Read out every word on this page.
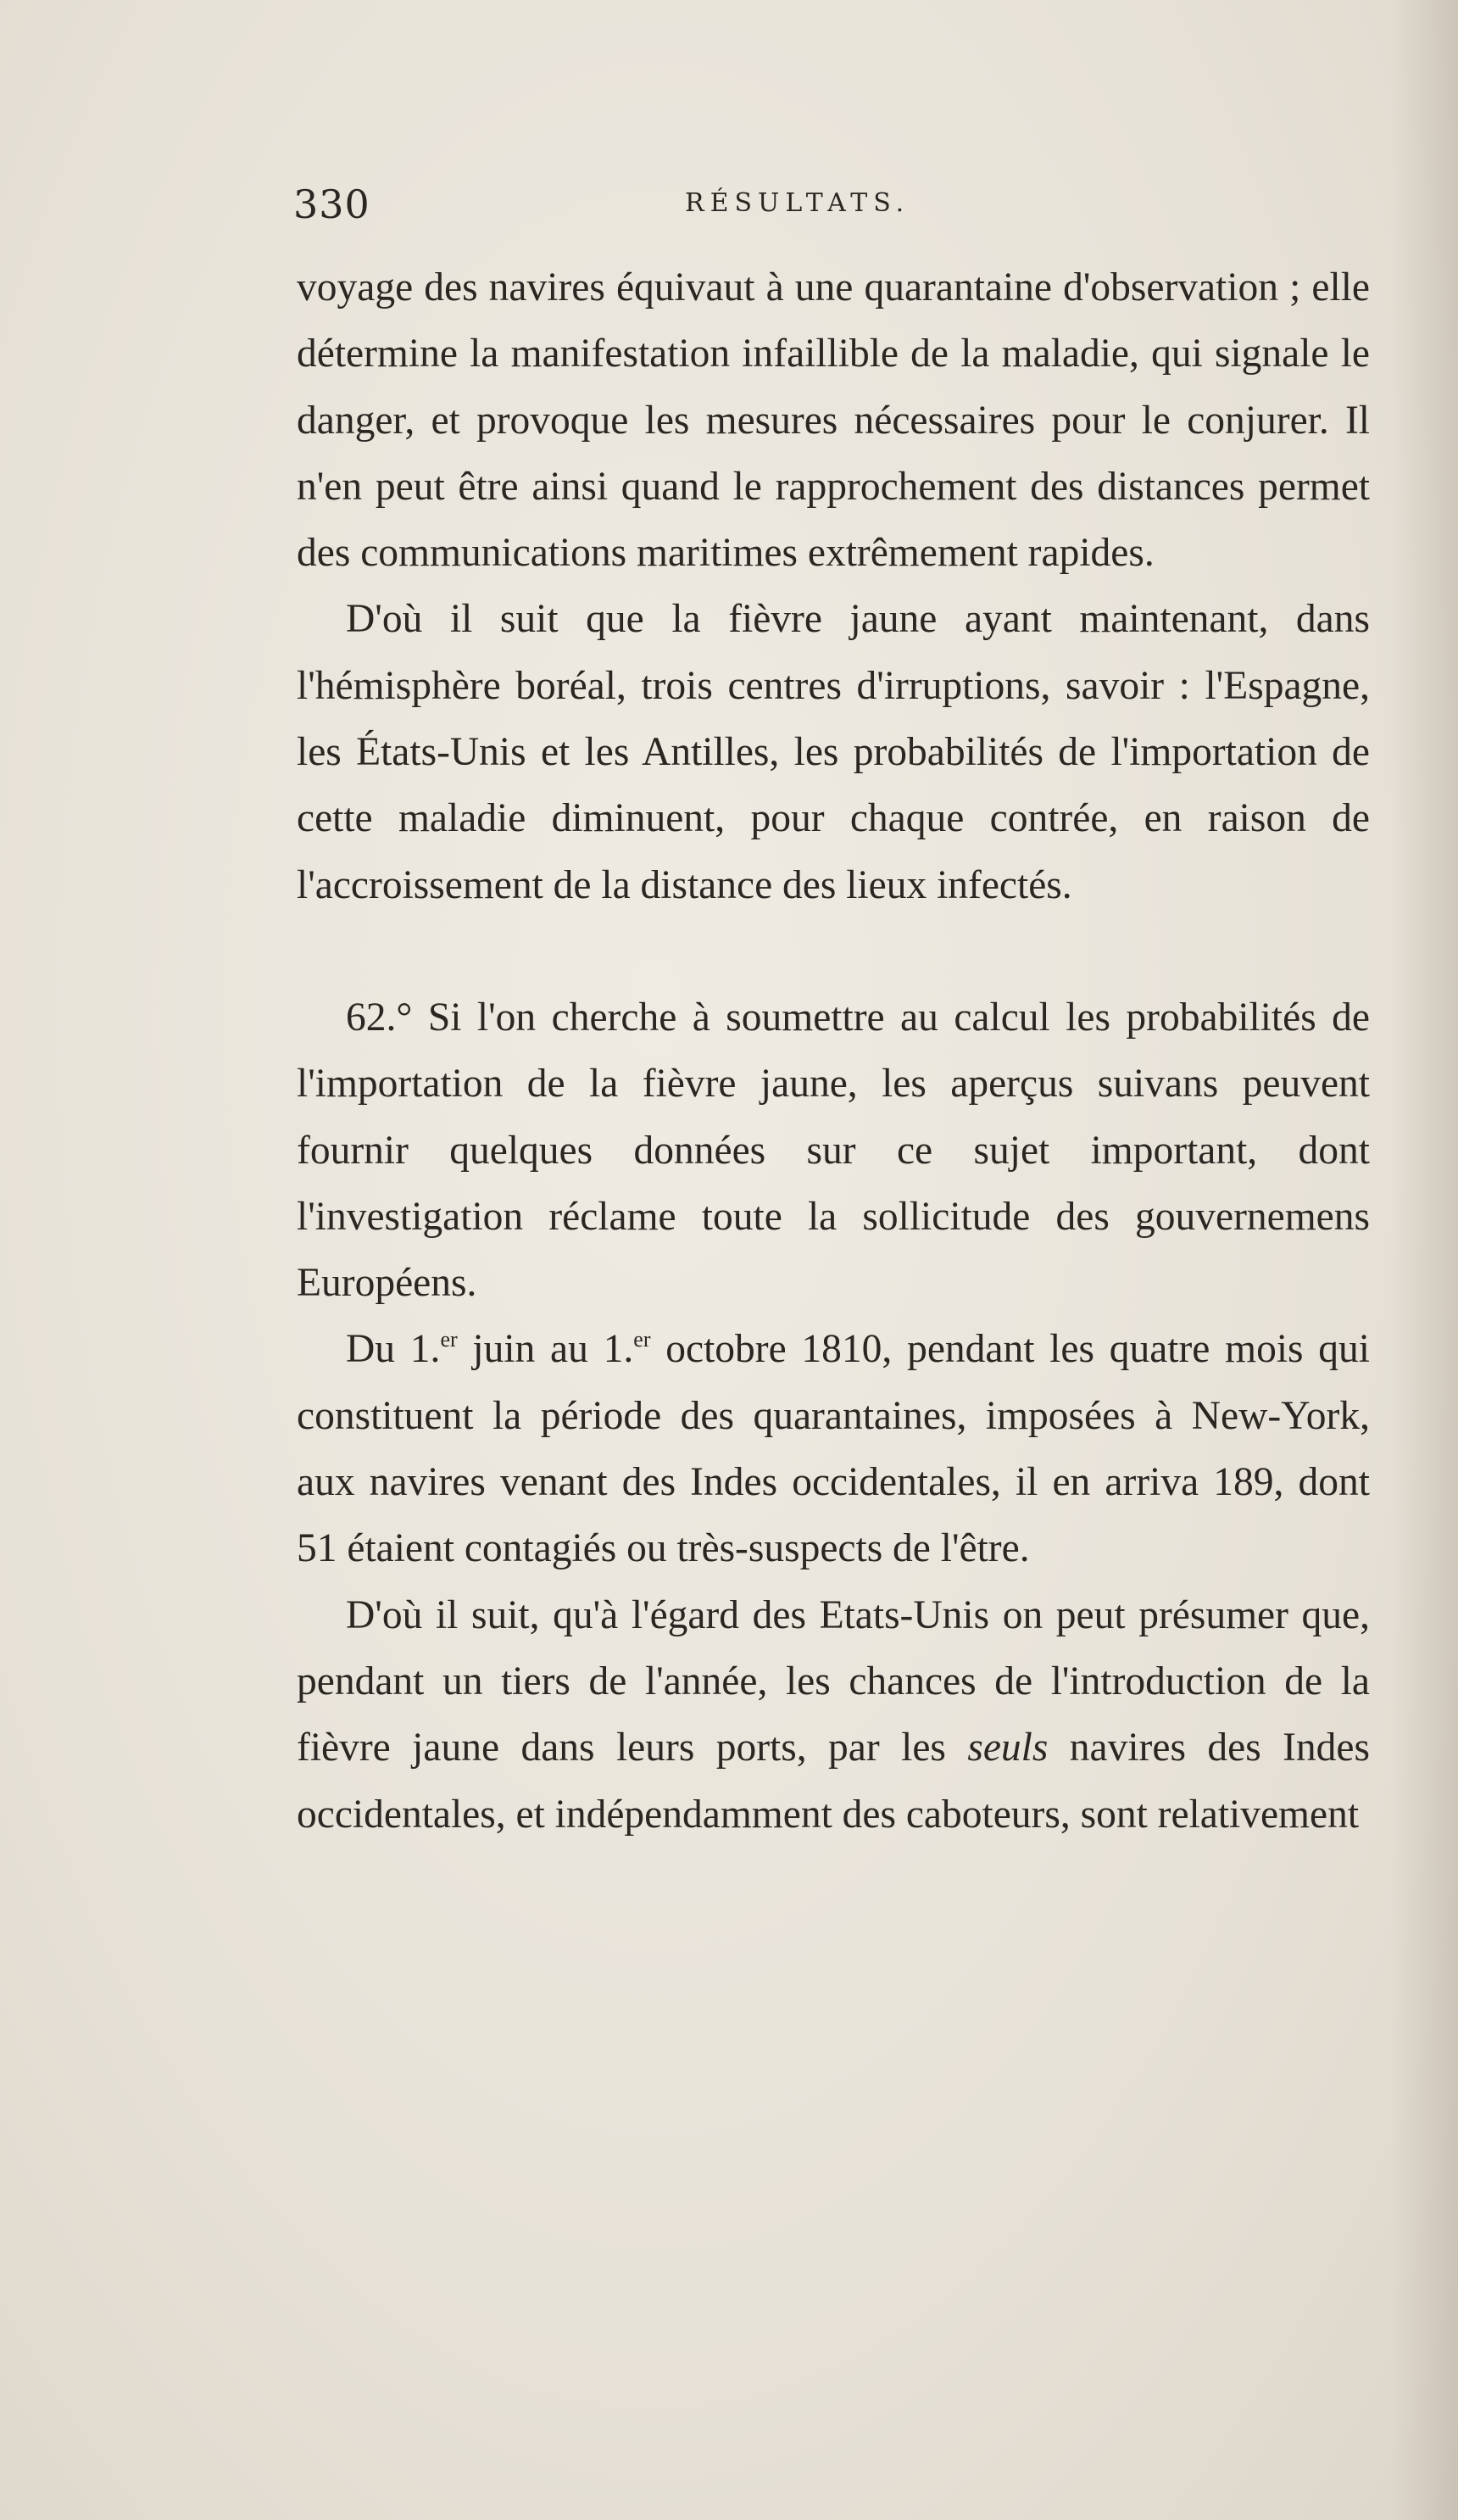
330	RÉSULTATS.

voyage des navires équivaut à une quarantaine d'observation ; elle détermine la manifestation infaillible de la maladie, qui signale le danger, et provoque les mesures nécessaires pour le conjurer. Il n'en peut être ainsi quand le rapprochement des distances permet des communications maritimes extrêmement rapides.

D'où il suit que la fièvre jaune ayant maintenant, dans l'hémisphère boréal, trois centres d'irruptions, savoir : l'Espagne, les États-Unis et les Antilles, les probabilités de l'importation de cette maladie diminuent, pour chaque contrée, en raison de l'accroissement de la distance des lieux infectés.

62.° Si l'on cherche à soumettre au calcul les probabilités de l'importation de la fièvre jaune, les aperçus suivans peuvent fournir quelques données sur ce sujet important, dont l'investigation réclame toute la sollicitude des gouvernemens Européens.

Du 1.$^{er}$ juin au 1.$^{er}$ octobre 1810, pendant les quatre mois qui constituent la période des quarantaines, imposées à New-York, aux navires venant des Indes occidentales, il en arriva 189, dont 51 étaient contagiés ou très-suspects de l'être.

D'où il suit, qu'à l'égard des Etats-Unis on peut présumer que, pendant un tiers de l'année, les chances de l'introduction de la fièvre jaune dans leurs ports, par les seuls navires des Indes occidentales, et indépendamment des caboteurs, sont relativement
